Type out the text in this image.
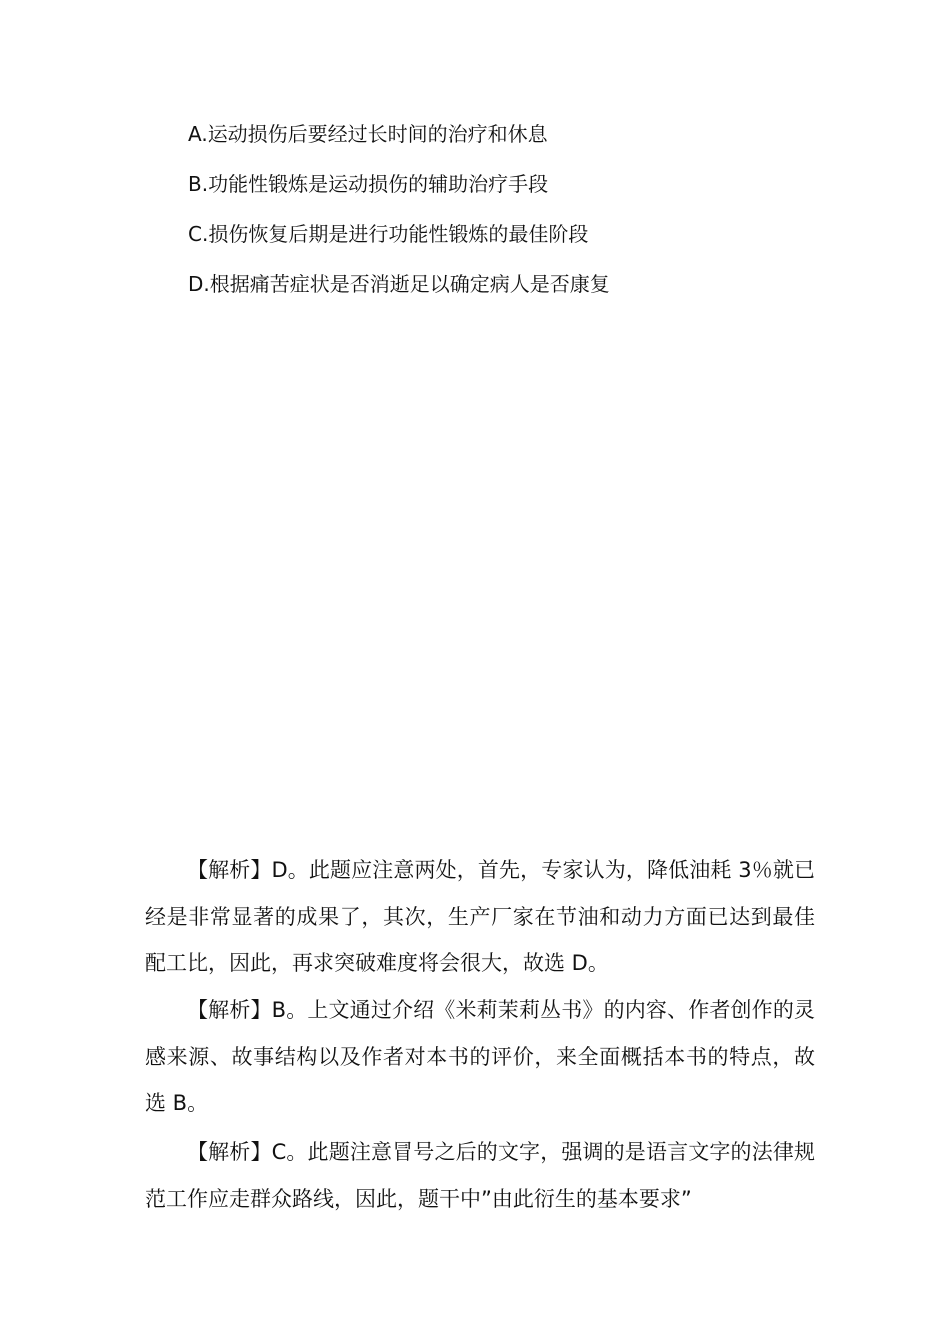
A.运动损伤后要经过长时间的治疗和休息
B.功能性锻炼是运动损伤的辅助治疗手段
C.损伤恢复后期是进行功能性锻炼的最佳阶段
D.根据痛苦症状是否消逝足以确定病人是否康复

【解析】D。此题应注意两处，首先，专家认为，降低油耗 3％就已经是非常显著的成果了，其次，生产厂家在节油和动力方面已达到最佳配工比，因此，再求突破难度将会很大，故选 D。

【解析】B。上文通过介绍《米莉茉莉丛书》的内容、作者创作的灵感来源、故事结构以及作者对本书的评价，来全面概括本书的特点，故选 B。

【解析】C。此题注意冒号之后的文字，强调的是语言文字的法律规范工作应走群众路线，因此，题干中”由此衍生的基本要求”
